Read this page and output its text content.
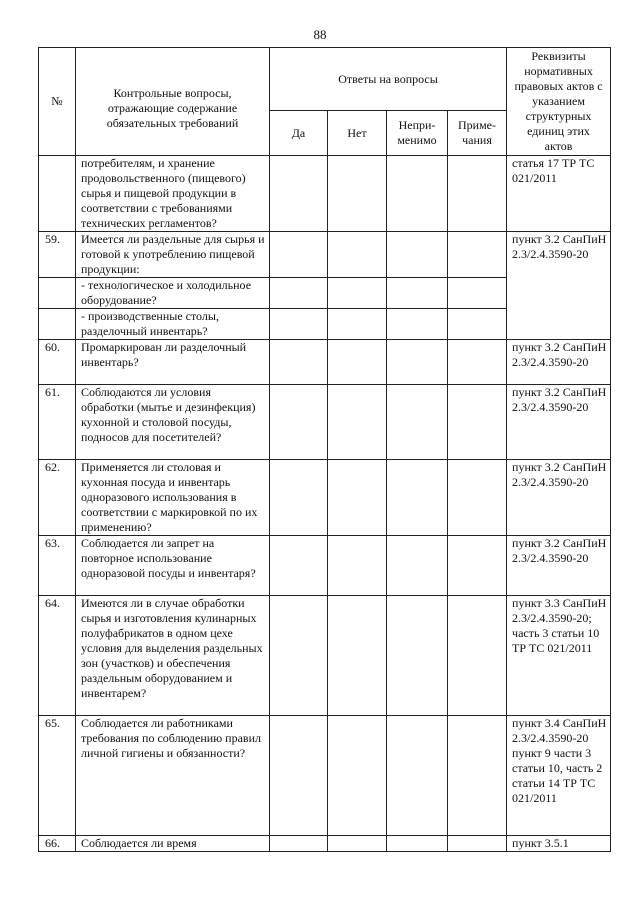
88
№	Контрольные вопросы, отражающие содержание обязательных требований	Ответы на вопросы				Реквизиты нормативных правовых актов с указанием структурных единиц этих актов
		Да	Нет	Непри-менимо	Приме-чания	
	потребителям, и хранение продовольственного (пищевого) сырья и пищевой продукции в соответствии с требованиями технических регламентов?					статья 17 ТР ТС 021/2011
59.	Имеется ли раздельные для сырья и готовой к употреблению пищевой продукции:					пункт 3.2 СанПиН 2.3/2.4.3590-20
	- технологическое и холодильное оборудование?					
	- производственные столы, разделочный инвентарь?					
60.	Промаркирован ли разделочный инвентарь?					пункт 3.2 СанПиН 2.3/2.4.3590-20
61.	Соблюдаются ли условия обработки (мытье и дезинфекция) кухонной и столовой посуды, подносов для посетителей?					пункт 3.2 СанПиН 2.3/2.4.3590-20
62.	Применяется ли столовая и кухонная посуда и инвентарь одноразового использования в соответствии с маркировкой по их применению?					пункт 3.2 СанПиН 2.3/2.4.3590-20
63.	Соблюдается ли запрет на повторное использование одноразовой посуды и инвентаря?					пункт 3.2 СанПиН 2.3/2.4.3590-20
64.	Имеются ли в случае обработки сырья и изготовления кулинарных полуфабрикатов в одном цехе условия для выделения раздельных зон (участков) и обеспечения раздельным оборудованием и инвентарем?					пункт 3.3 СанПиН 2.3/2.4.3590-20; часть 3 статьи 10 ТР ТС 021/2011
65.	Соблюдается ли работниками требования по соблюдению правил личной гигиены и обязанности?					пункт 3.4 СанПиН 2.3/2.4.3590-20 пункт 9 части 3 статьи 10, часть 2 статьи 14 ТР ТС 021/2011
66.	Соблюдается ли время					пункт 3.5.1
